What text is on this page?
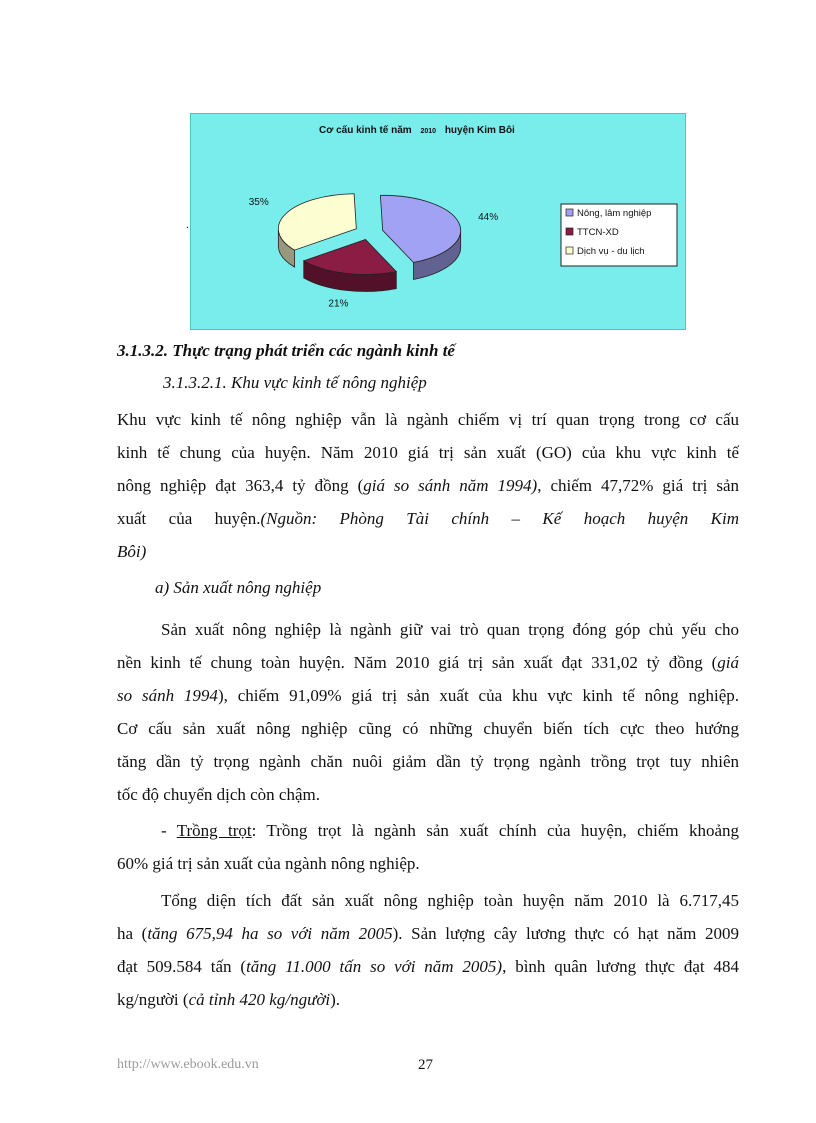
.
Cơ cấu kinh tế năm 2010 huyện Kim Bôi
44%
21%
35%
Nông, lâm nghiệp
TTCN-XD
Dịch vụ - du lịch
3.1.3.2. Thực trạng phát triển các ngành kinh tế
3.1.3.2.1. Khu vực kinh tế nông nghiệp
Khu vực kinh tế nông nghiệp vẫn là ngành chiếm vị trí quan trọng trong cơ cấu
kinh tế chung của huyện. Năm 2010 giá trị sản xuất (GO) của khu vực kinh tế
nông nghiệp đạt 363,4 tỷ đồng (giá so sánh năm 1994), chiếm 47,72% giá trị sản
xuất của huyện.(Nguồn: Phòng Tài chính – Kế hoạch huyện Kim
Bôi)
a) Sản xuất nông nghiệp
Sản xuất nông nghiệp là ngành giữ vai trò quan trọng đóng góp chủ yếu cho
nền kinh tế chung toàn huyện. Năm 2010 giá trị sản xuất đạt 331,02 tỷ đồng (giá
so sánh 1994), chiếm 91,09% giá trị sản xuất của khu vực kinh tế nông nghiệp.
Cơ cấu sản xuất nông nghiệp cũng có những chuyển biến tích cực theo hướng
tăng dần tỷ trọng ngành chăn nuôi giảm dần tỷ trọng ngành trồng trọt tuy nhiên
tốc độ chuyển dịch còn chậm.
- Trồng trọt: Trồng trọt là ngành sản xuất chính của huyện, chiếm khoảng
60% giá trị sản xuất của ngành nông nghiệp.
Tổng diện tích đất sản xuất nông nghiệp toàn huyện năm 2010 là 6.717,45
ha (tăng 675,94 ha so với năm 2005). Sản lượng cây lương thực có hạt năm 2009
đạt 509.584 tấn (tăng 11.000 tấn so với năm 2005), bình quân lương thực đạt 484
kg/người (cả tỉnh 420 kg/người).
http://www.ebook.edu.vn	27
